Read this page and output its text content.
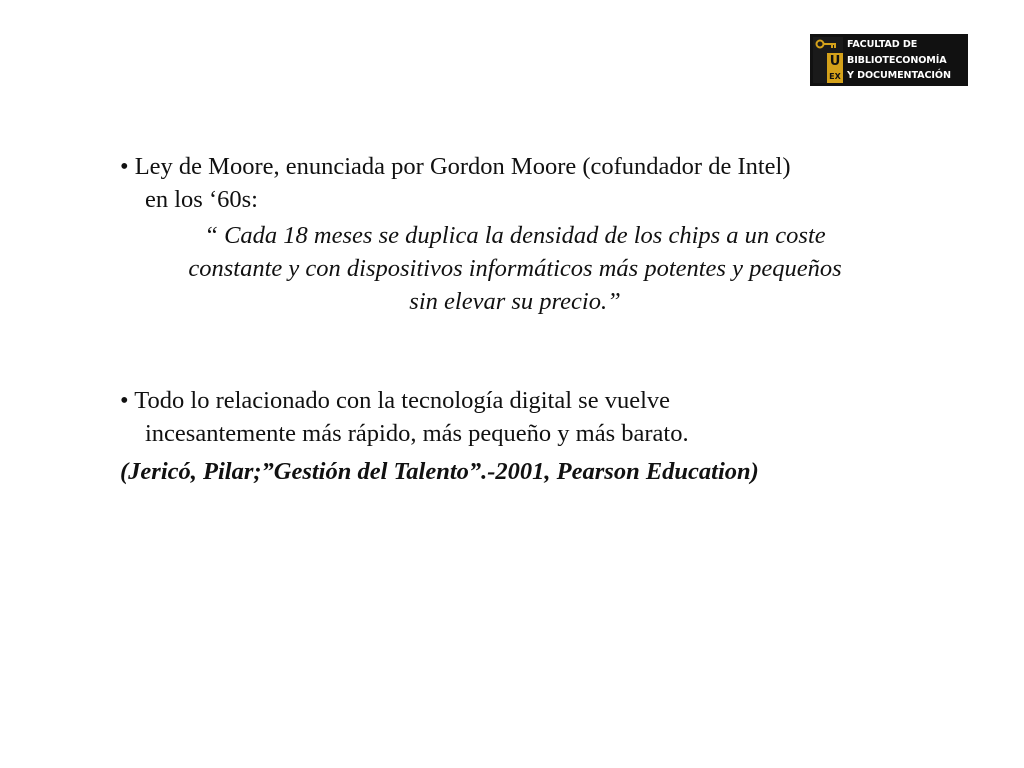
U
EX
FACULTAD DE
BIBLIOTECONOMÍA
Y DOCUMENTACIÓN

• Ley de Moore, enunciada por Gordon Moore (cofundador de Intel)
en los ‘60s:

“ Cada 18 meses se duplica la densidad de los chips a un coste
constante y con dispositivos informáticos más potentes y pequeños
sin elevar su precio.”

• Todo lo relacionado con la tecnología digital se vuelve
incesantemente más rápido, más pequeño y más barato.

(Jericó, Pilar;”Gestión del Talento”.-2001, Pearson Education)
